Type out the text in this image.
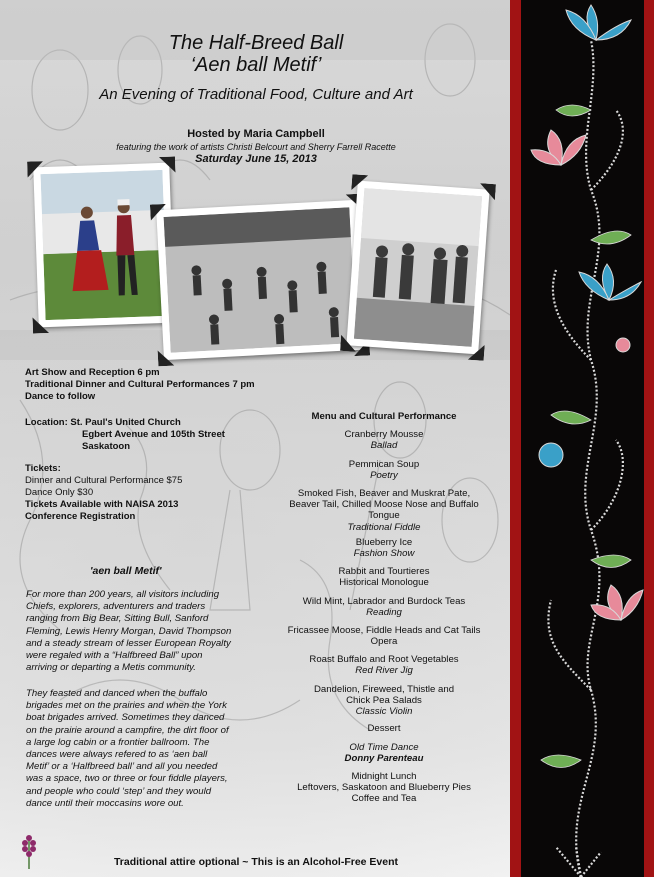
The Half-Breed Ball
‘Aen ball Metif’
An Evening of Traditional Food, Culture and Art
Hosted by Maria Campbell
featuring the work of artists Christi Belcourt and Sherry Farrell Racette
Saturday June 15, 2013
Art Show and Reception 6 pm
Traditional Dinner and Cultural Performances 7 pm
Dance to follow
Location: St. Paul's United Church
Egbert Avenue and 105th Street
Saskatoon
Tickets:
Dinner and Cultural Performance $75
Dance Only $30
Tickets Available with NAISA 2013
Conference Registration
'aen ball Metif'
For more than 200 years, all visitors including
Chiefs, explorers, adventurers and traders
ranging from Big Bear, Sitting Bull, Sanford
Fleming, Lewis Henry Morgan, David Thompson
and a steady stream of lesser European Royalty
were regaled with a “Halfbreed Ball” upon
arriving or departing a Metis community.
They feasted and danced when the buffalo
brigades met on the prairies and when the York
boat brigades arrived. Sometimes they danced
on the prairie around a campfire, the dirt floor of
a large log cabin or a frontier ballroom. The
dances were always refered to as ‘aen ball
Metif’ or a ‘Halfbreed ball’ and all you needed
was a space, two or three or four fiddle players,
and people who could ‘step’ and they would
dance until their moccasins wore out.
Menu and Cultural Performance
Cranberry Mousse
Ballad
Pemmican Soup
Poetry
Smoked Fish, Beaver and Muskrat Pate,
Beaver Tail, Chilled Moose Nose and Buffalo
Tongue
Traditional Fiddle
Blueberry Ice
Fashion Show
Rabbit and Tourtieres
Historical Monologue
Wild Mint, Labrador and Burdock Teas
Reading
Fricassee Moose, Fiddle Heads and Cat Tails
Opera
Roast Buffalo and Root Vegetables
Red River Jig
Dandelion, Fireweed, Thistle and
Chick Pea Salads
Classic Violin
Dessert
Old Time Dance
Donny Parenteau
Midnight Lunch
Leftovers, Saskatoon and Blueberry Pies
Coffee and Tea
Traditional attire optional ~ This is an Alcohol-Free Event
